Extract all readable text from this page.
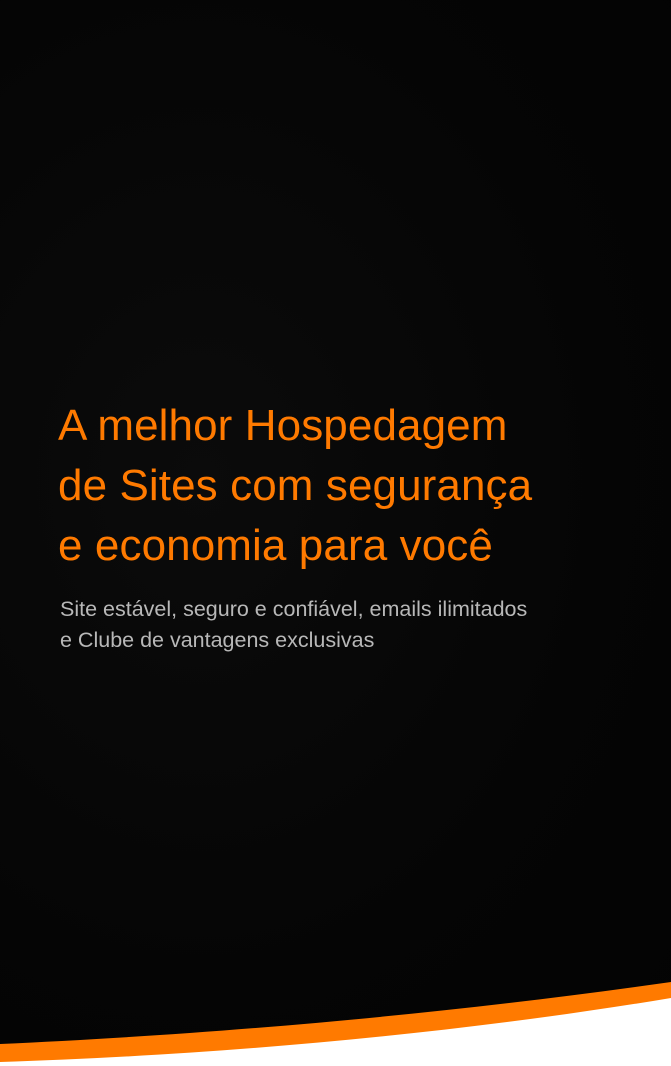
A melhor Hospedagem
de Sites com segurança
e economia para você

Site estável, seguro e confiável, emails ilimitados
e Clube de vantagens exclusivas
